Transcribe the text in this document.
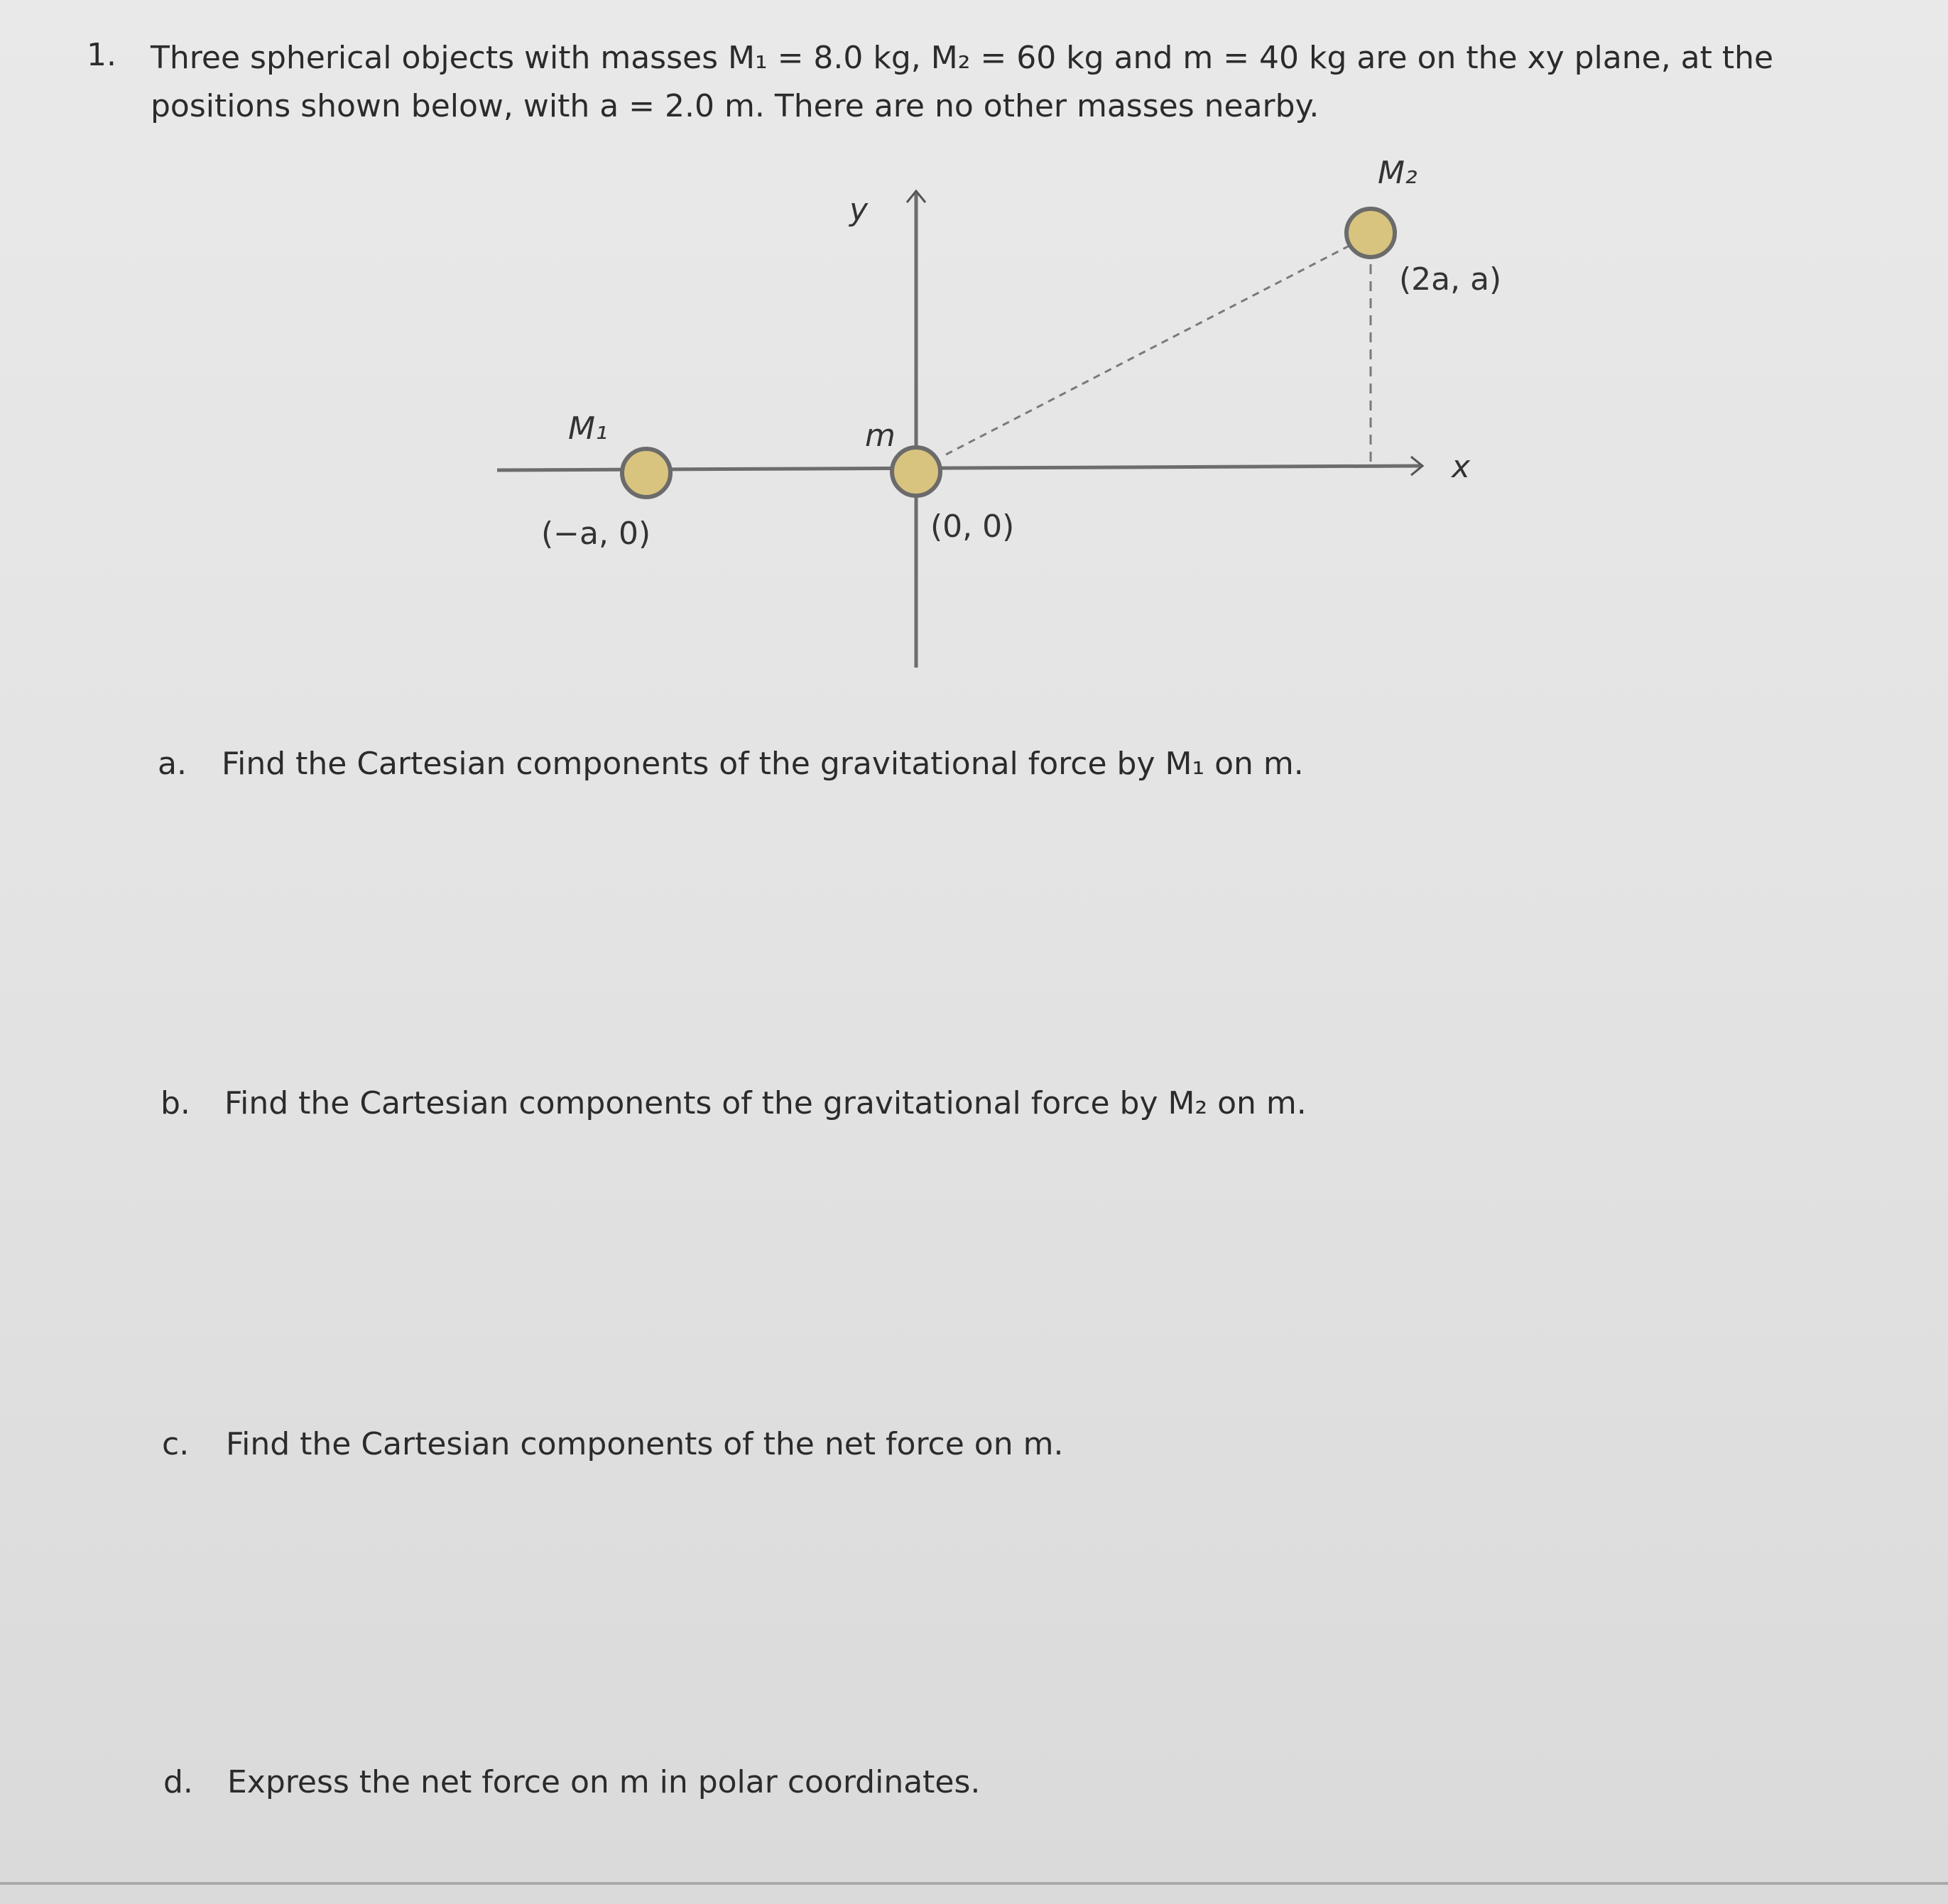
1. Three spherical objects with masses M₁ = 8.0 kg, M₂ = 60 kg and m = 40 kg are on the xy plane, at the
positions shown below, with a = 2.0 m. There are no other masses nearby.
y
x
M₁
(−a, 0)
m
(0, 0)
M₂
(2a, a)
a. Find the Cartesian components of the gravitational force by M₁ on m.
b. Find the Cartesian components of the gravitational force by M₂ on m.
c. Find the Cartesian components of the net force on m.
d. Express the net force on m in polar coordinates.
